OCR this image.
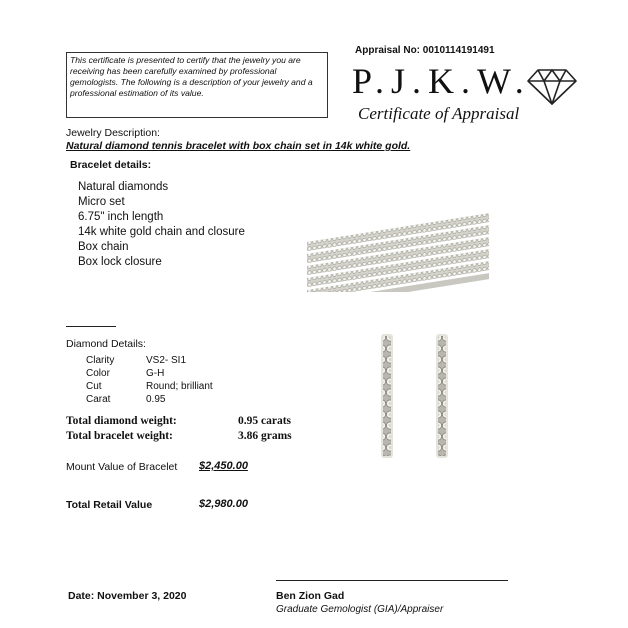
This certificate is presented to certify that the jewelry you are receiving has been carefully examined by professional gemologists. The following is a description of your jewelry and a professional estimation of its value.
Appraisal No: 0010114191491
P.J.K.W.
Certificate of Appraisal
Jewelry Description:
Natural diamond tennis bracelet with box chain set in 14k white gold.
Bracelet details:
Natural diamonds
Micro set
6.75" inch length
14k white gold chain and closure
Box chain
Box lock closure
Diamond Details:
Clarity	VS2- SI1
Color	G-H
Cut	Round; brilliant
Carat	0.95
Total diamond weight:	0.95 carats
Total bracelet weight:	3.86 grams
Mount Value of Bracelet $2,450.00
Total Retail Value	$2,980.00
Date: November 3, 2020	Ben Zion Gad
Graduate Gemologist (GIA)/Appraiser
